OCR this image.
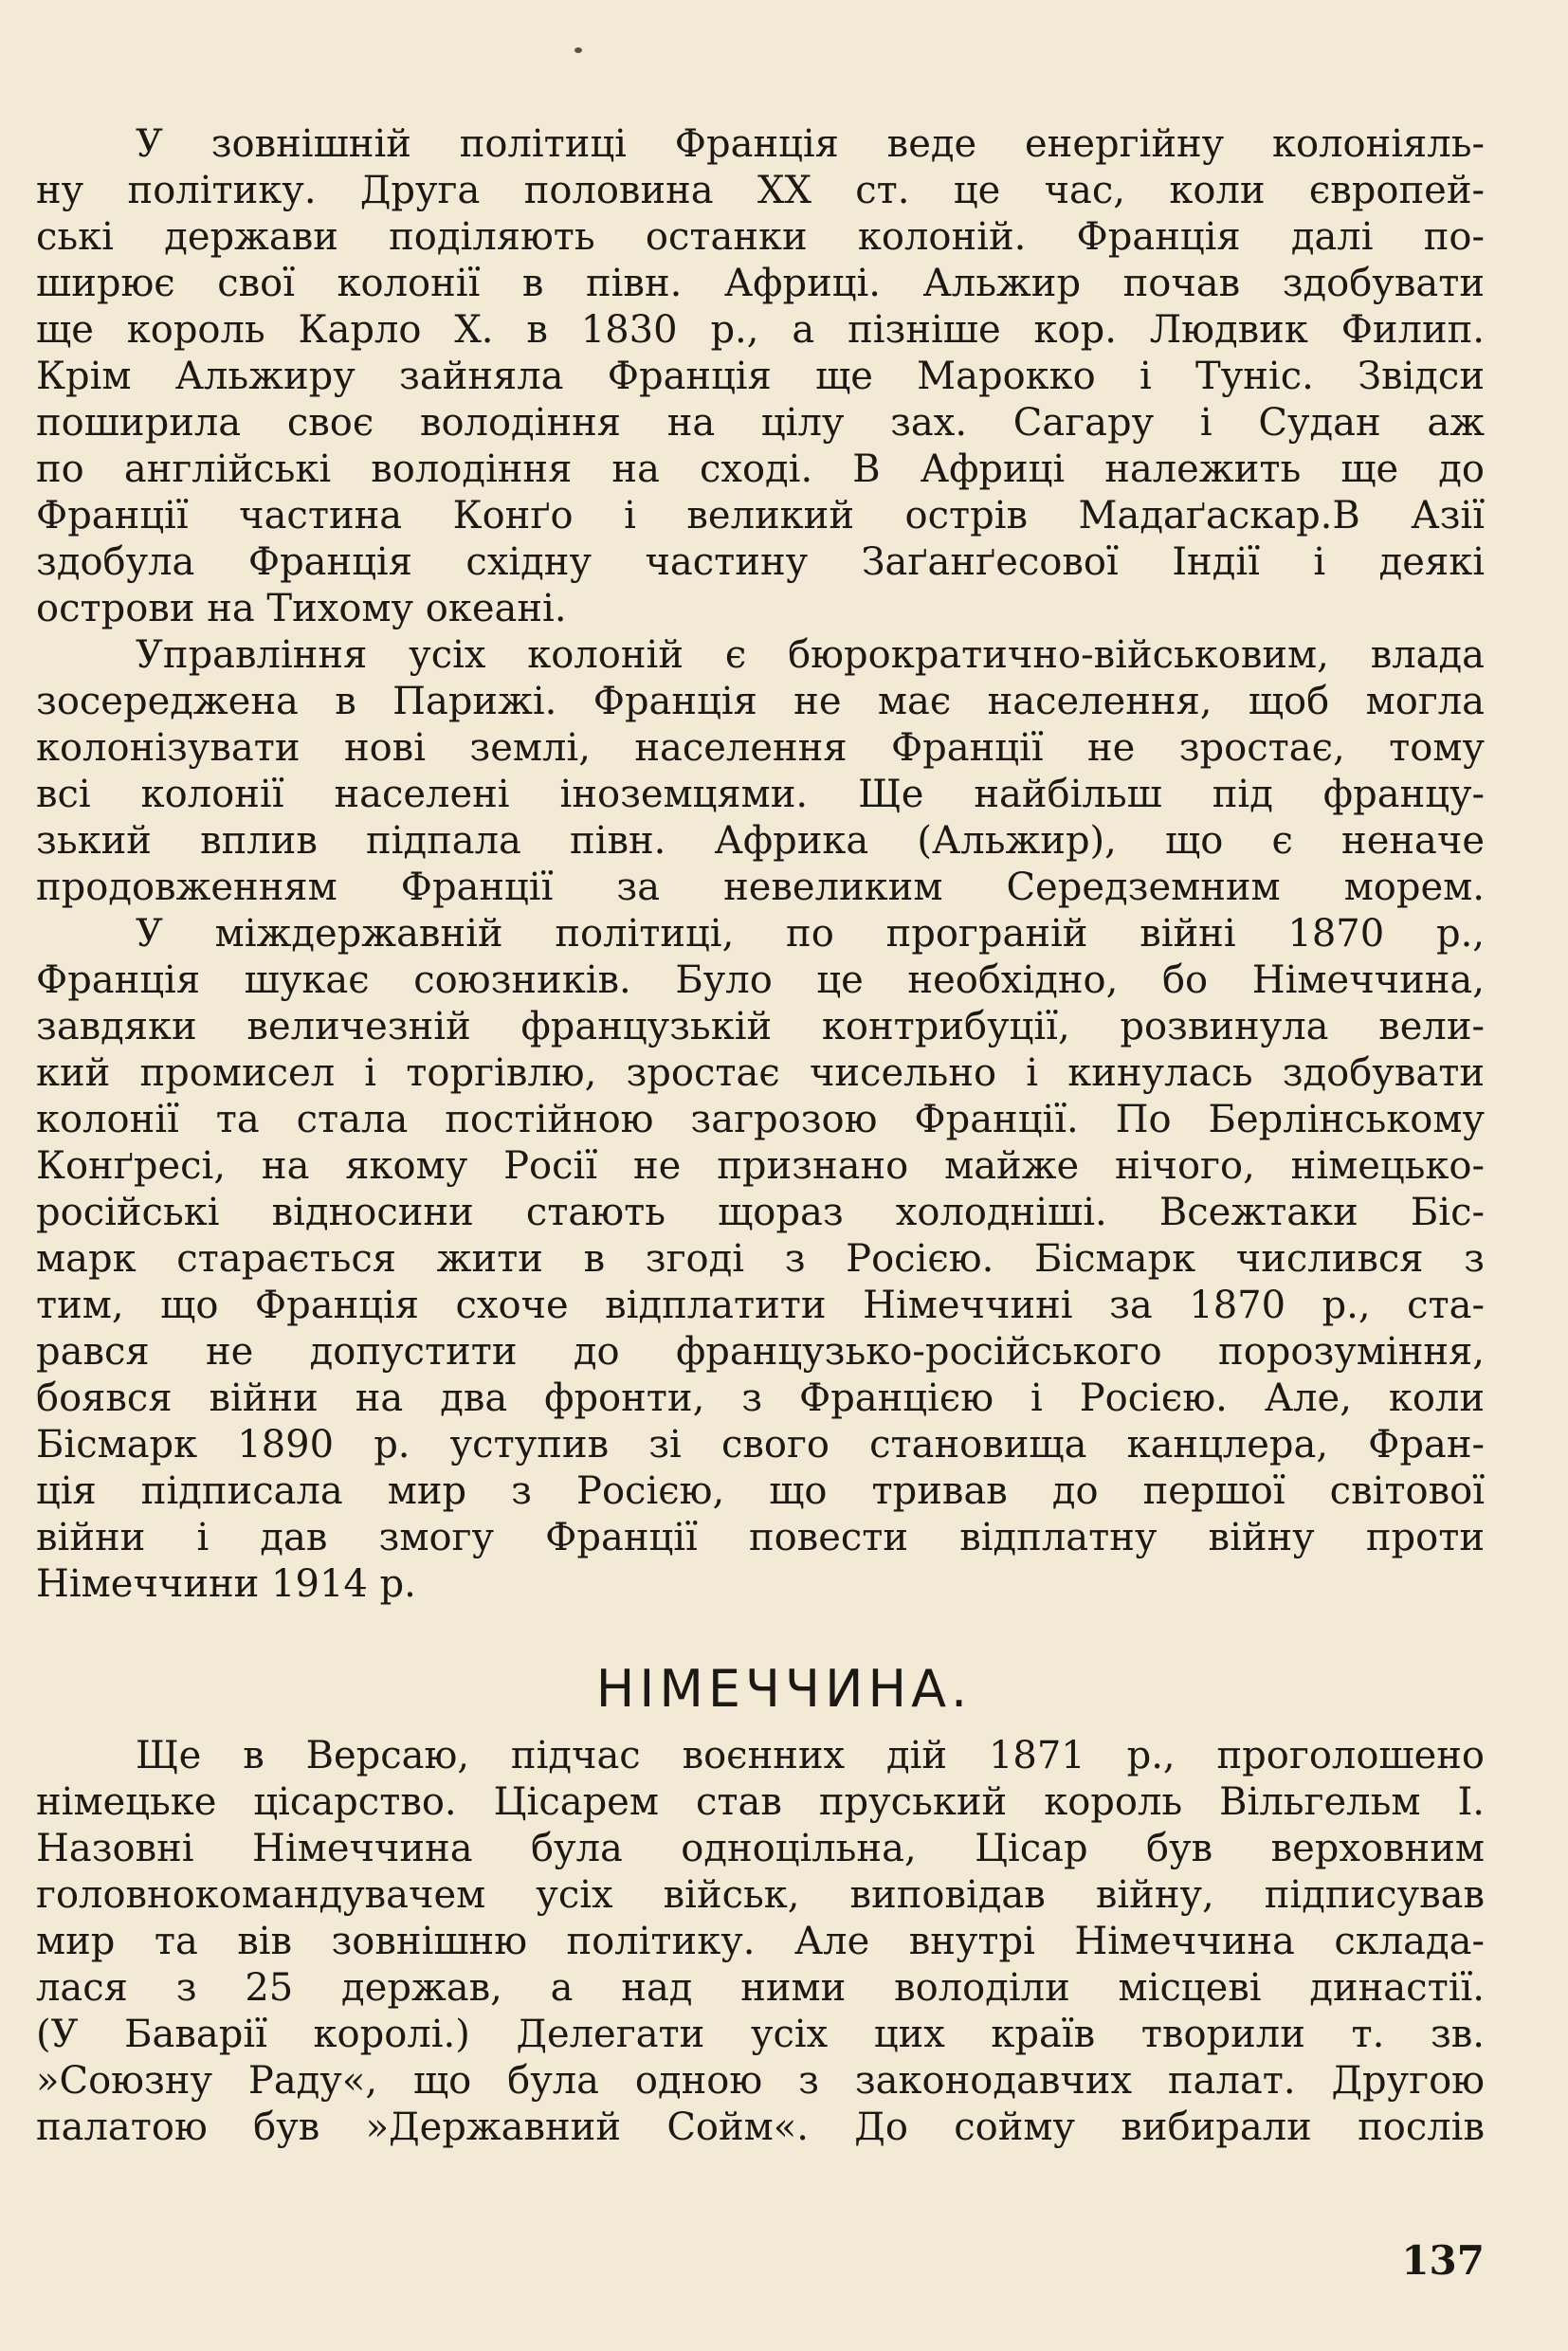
У зовнішній політиці Франція веде енергійну колоніяль-
ну політику. Друга половина XX ст. це час, коли європей-
ські держави поділяють останки колоній. Франція далі по-
ширює свої колонії в півн. Африці. Альжир почав здобувати
ще король Карло X. в 1830 р., а пізніше кор. Людвик Филип.
Крім Альжиру зайняла Франція ще Марокко і Туніс. Звідси
поширила своє володіння на цілу зах. Сагару і Судан аж
по англійські володіння на сході. В Африці належить ще до
Франції частина Конґо і великий острів Мадаґаскар.В Азії
здобула Франція східну частину Заґанґесової Індії і деякі
острови на Тихому океані.
Управління усіх колоній є бюрократично-військовим, влада
зосереджена в Парижі. Франція не має населення, щоб могла
колонізувати нові землі, населення Франції не зростає, тому
всі колонії населені іноземцями. Ще найбільш під францу-
зький вплив підпала півн. Африка (Альжир), що є неначе
продовженням Франції за невеликим Середземним морем.
У міждержавній політиці, по програній війні 1870 р.,
Франція шукає союзників. Було це необхідно, бо Німеччина,
завдяки величезній французькій контрибуції, розвинула вели-
кий промисел і торгівлю, зростає чисельно і кинулась здобувати
колонії та стала постійною загрозою Франції. По Берлінському
Конґресі, на якому Росії не признано майже нічого, німецько-
російські відносини стають щораз холодніші. Всежтаки Біс-
марк старається жити в згоді з Росією. Бісмарк числився з
тим, що Франція схоче відплатити Німеччині за 1870 р., ста-
рався не допустити до французько-російського порозуміння,
боявся війни на два фронти, з Францією і Росією. Але, коли
Бісмарк 1890 р. уступив зі свого становища канцлера, Фран-
ція підписала мир з Росією, що тривав до першої світової
війни і дав змогу Франції повести відплатну війну проти
Німеччини 1914 р.
НІМЕЧЧИНА.
Ще в Версаю, підчас воєнних дій 1871 р., проголошено
німецьке цісарство. Цісарем став пруський король Вільгельм І.
Назовні Німеччина була одноцільна, Цісар був верховним
головнокомандувачем усіх військ, виповідав війну, підписував
мир та вів зовнішню політику. Але внутрі Німеччина склада-
лася з 25 держав, а над ними володіли місцеві династії.
(У Баварії королі.) Делегати усіх цих країв творили т. зв.
»Союзну Раду«, що була одною з законодавчих палат. Другою
палатою був »Державний Сойм«. До сойму вибирали послів
137
